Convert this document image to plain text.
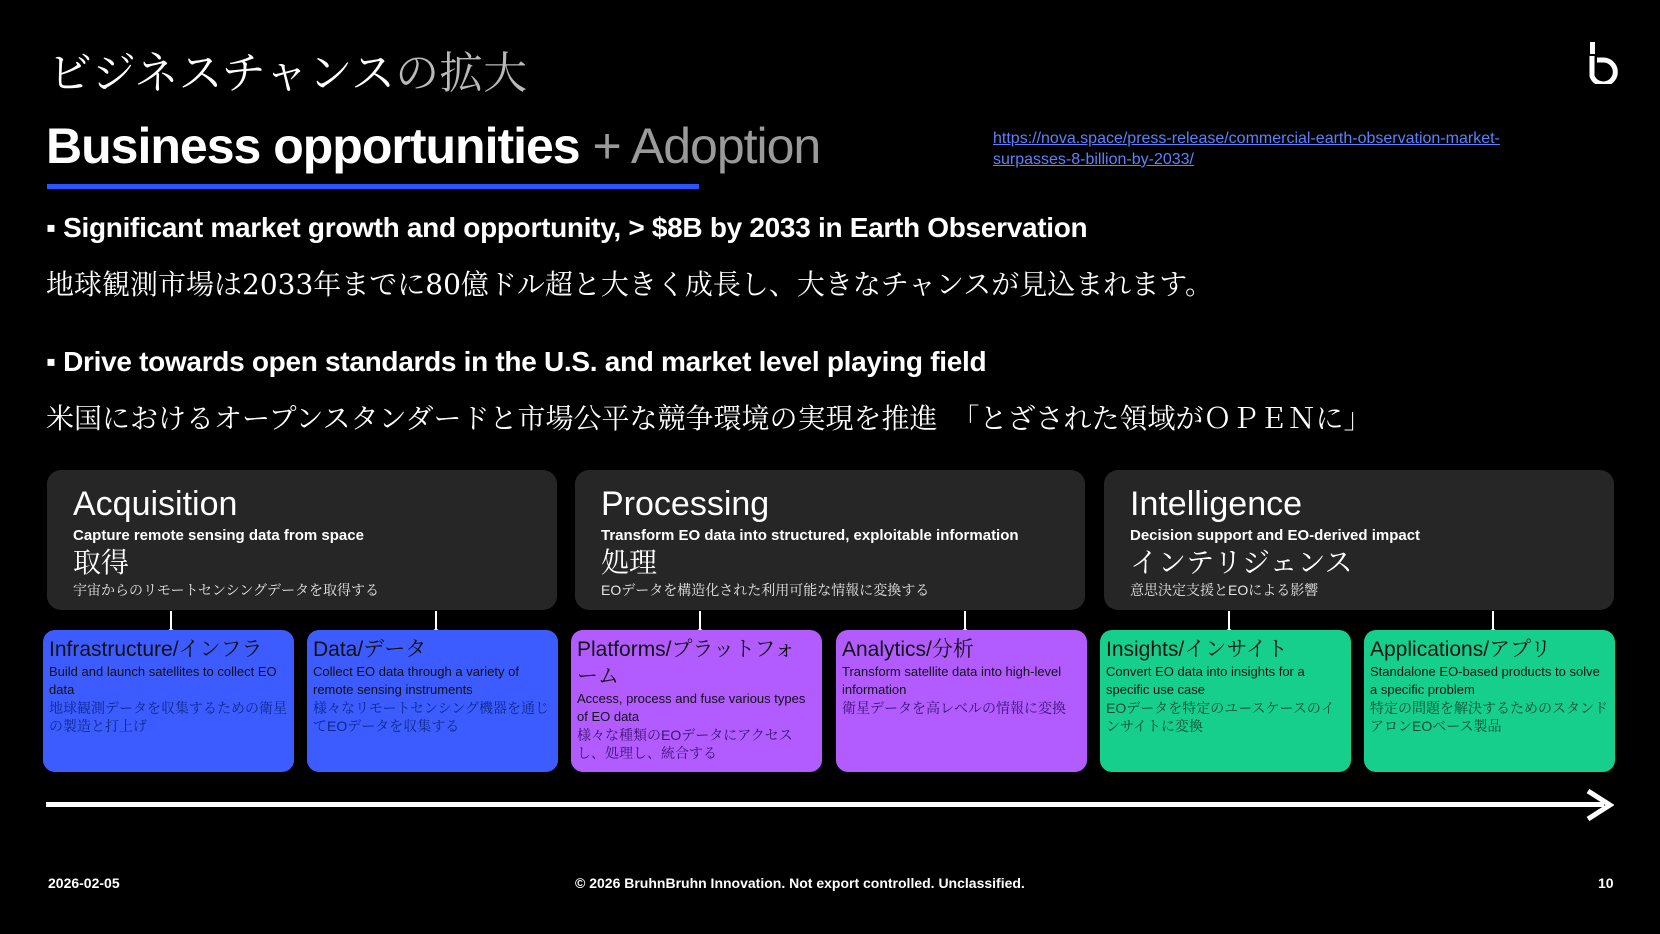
ビジネスチャンスの拡大
Business opportunities + Adoption	https://nova.space/press-release/commercial-earth-observation-market-surpasses-8-billion-by-2033/
▪ Significant market growth and opportunity, > $8B by 2033 in Earth Observation
地球観測市場は2033年までに80億ドル超と大きく成長し、大きなチャンスが見込まれます。
▪ Drive towards open standards in the U.S. and market level playing field
米国におけるオープンスタンダードと市場公平な競争環境の実現を推進　「とざされた領域がＯＰＥＮに」
Acquisition
Capture remote sensing data from space
取得
宇宙からのリモートセンシングデータを取得する
Processing
Transform EO data into structured, exploitable information
処理
EOデータを構造化された利用可能な情報に変換する
Intelligence
Decision support and EO-derived impact
インテリジェンス
意思決定支援とEOによる影響
Infrastructure/インフラ
Build and launch satellites to collect EO data
地球観測データを収集するための衛星の製造と打上げ
Data/データ
Collect EO data through a variety of remote sensing instruments
様々なリモートセンシング機器を通じてEOデータを収集する
Platforms/プラットフォーム
Access, process and fuse various types of EO data
様々な種類のEOデータにアクセスし、処理し、統合する
Analytics/分析
Transform satellite data into high-level information
衛星データを高レベルの情報に変換
Insights/インサイト
Convert EO data into insights for a specific use case
EOデータを特定のユースケースのインサイトに変換
Applications/アプリ
Standalone EO-based products to solve a specific problem
特定の問題を解決するためのスタンドアロンEOベース製品
2026-02-05	© 2026 BruhnBruhn Innovation. Not export controlled. Unclassified.	10
